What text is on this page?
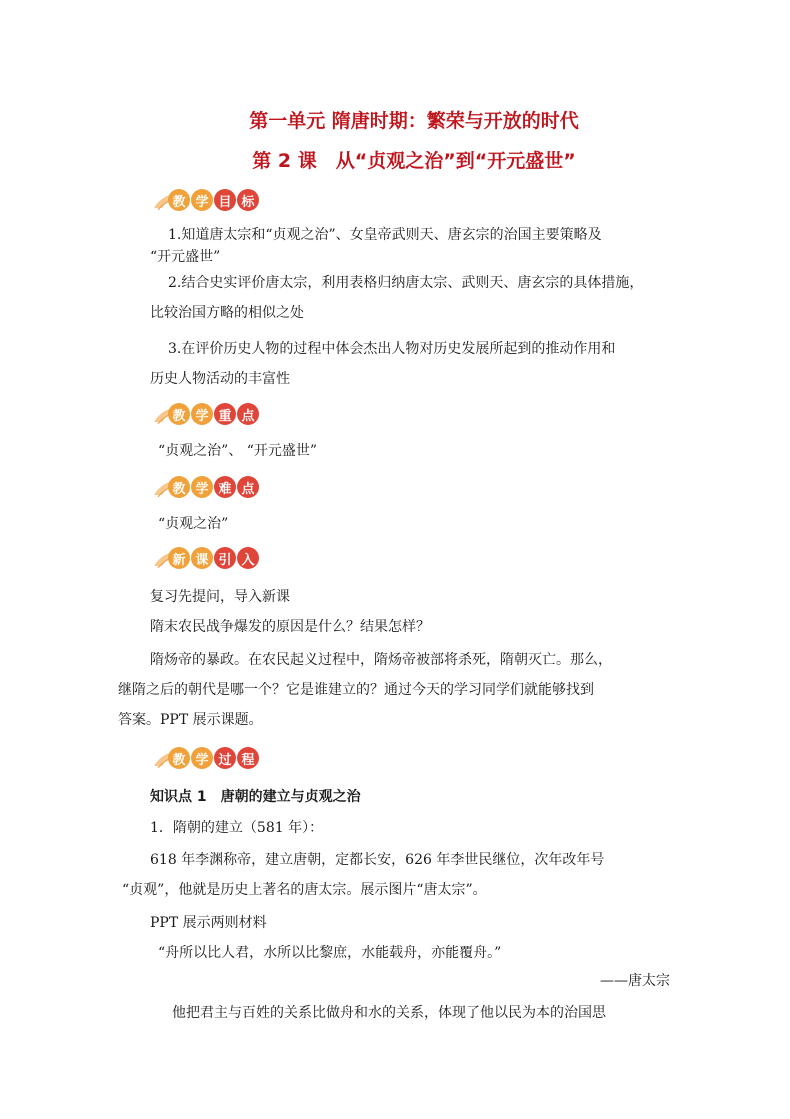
第一单元 隋唐时期：繁荣与开放的时代
第 2 课　从“贞观之治”到“开元盛世”
教 学 目 标
1.知道唐太宗和“贞观之治”、女皇帝武则天、唐玄宗的治国主要策略及
“开元盛世”
2.结合史实评价唐太宗，利用表格归纳唐太宗、武则天、唐玄宗的具体措施，
比较治国方略的相似之处
3.在评价历史人物的过程中体会杰出人物对历史发展所起到的推动作用和
历史人物活动的丰富性
教 学 重 点
“贞观之治”、 “开元盛世”
教 学 难 点
“贞观之治”
新 课 引 入
复习先提问，导入新课
隋末农民战争爆发的原因是什么？结果怎样？
隋炀帝的暴政。在农民起义过程中，隋炀帝被部将杀死，隋朝灭亡。那么，
继隋之后的朝代是哪一个？它是谁建立的？通过今天的学习同学们就能够找到
答案。PPT 展示课题。
教 学 过 程
知识点 1　唐朝的建立与贞观之治
1．隋朝的建立（581 年）：
618 年李渊称帝，建立唐朝，定都长安，626 年李世民继位，次年改年号
“贞观”，他就是历史上著名的唐太宗。展示图片“唐太宗”。
PPT 展示两则材料
“舟所以比人君，水所以比黎庶，水能载舟，亦能覆舟。”
——唐太宗
他把君主与百姓的关系比做舟和水的关系，体现了他以民为本的治国思
